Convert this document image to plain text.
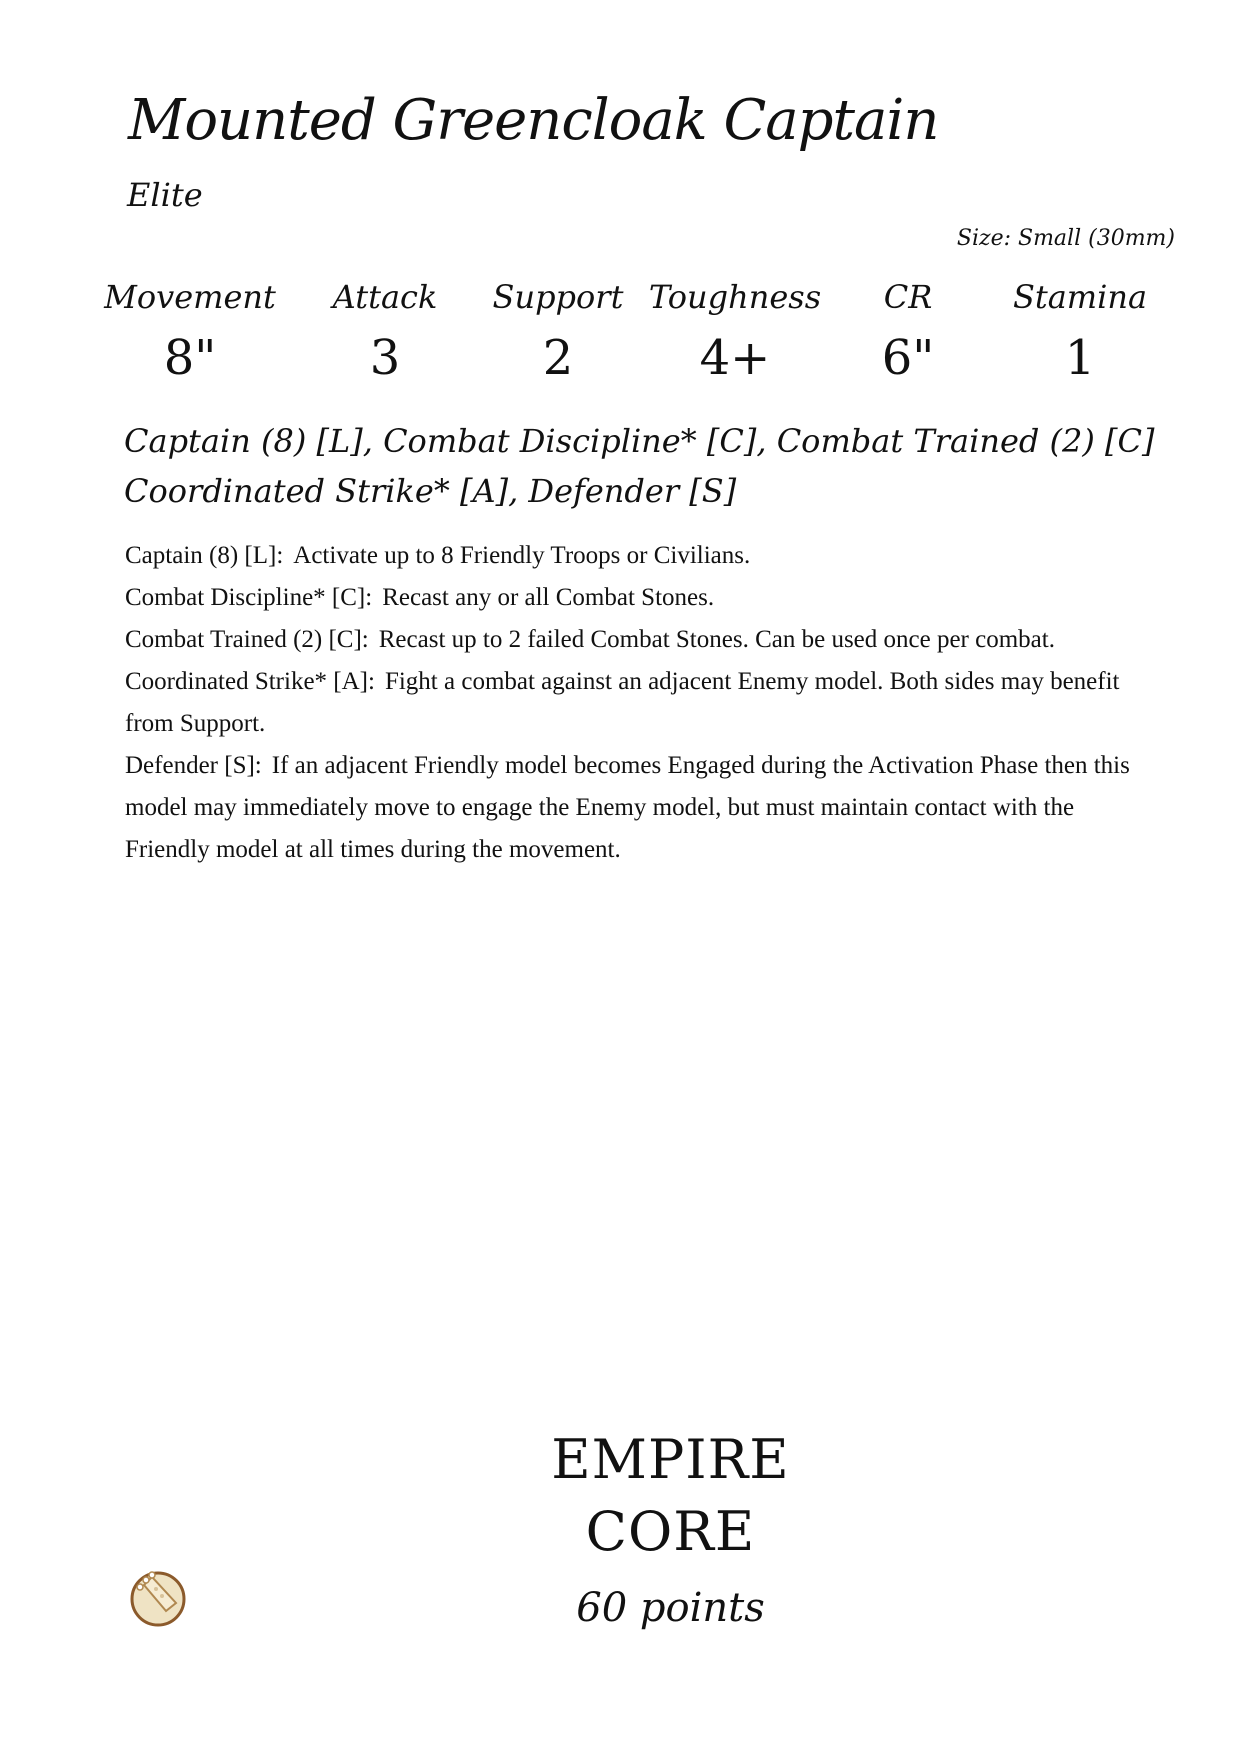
Mounted Greencloak Captain
Elite
Size: Small (30mm)
Movement
8"
Attack
3
Support
2
Toughness
4+
CR
6"
Stamina
1
Captain (8) [L], Combat Discipline* [C], Combat Trained (2) [C]
Coordinated Strike* [A], Defender [S]
Captain (8) [L]: Activate up to 8 Friendly Troops or Civilians.
Combat Discipline* [C]: Recast any or all Combat Stones.
Combat Trained (2) [C]: Recast up to 2 failed Combat Stones. Can be used once per combat.
Coordinated Strike* [A]: Fight a combat against an adjacent Enemy model. Both sides may benefit from Support.
Defender [S]: If an adjacent Friendly model becomes Engaged during the Activation Phase then this model may immediately move to engage the Enemy model, but must maintain contact with the Friendly model at all times during the movement.
EMPIRE
CORE
60 points
